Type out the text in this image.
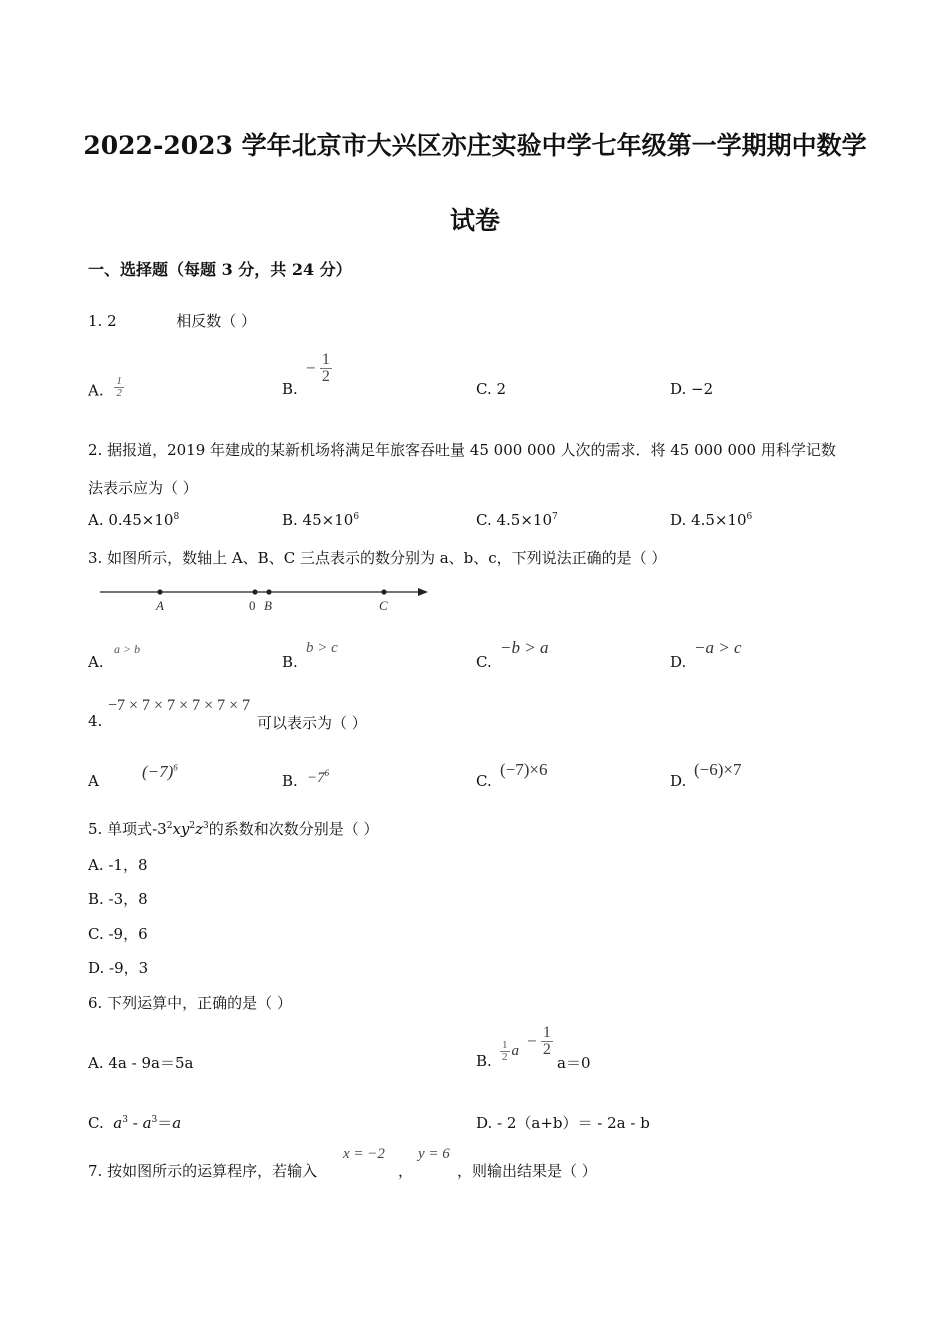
2022-2023 学年北京市大兴区亦庄实验中学七年级第一学期期中数学
试卷
一、选择题（每题 3 分，共 24 分）
1. 2	相反数（ ）
A. $\frac{1}{2}$	B.
− $\frac{1}{2}$
C. 2	D. −2
2. 据报道，2019 年建成的某新机场将满足年旅客吞吐量 45 000 000 人次的需求．将 45 000 000 用科学记数
法表示应为（ ）
A. $0.45\times 10^8$	B. $45\times 10^6$	C. $4.5\times 10^7$	D. $4.5\times 10^6$
3. 如图所示，数轴上 A、B、C 三点表示的数分别为 a、b、c，下列说法正确的是（ ）
A	0 B	C
A.
a > b
B.
b > c
C.
−b > a
D.
−a > c
4.
−7 × 7 × 7 × 7 × 7 × 7
可以表示为（ ）
A	$(-7)^6$
B. $-7^6$	C.
(−7)×6
D.
(−6)×7
5. 单项式$-3^2xy^2z^3$的系数和次数分别是（ ）
A. -1，8
B. -3，8
C. -9，6
D. -9，3
6. 下列运算中，正确的是（ ）
A. 4a - 9a＝5a	B. $\frac{1}{2}$ a
− $\frac{1}{2}$
a＝0
C. $a^3 - a^3=a$	D. - 2（a+b）＝ - 2a - b
7. 按如图所示的运算程序，若输入
x = −2
，
y = 6
，则输出结果是（ ）
